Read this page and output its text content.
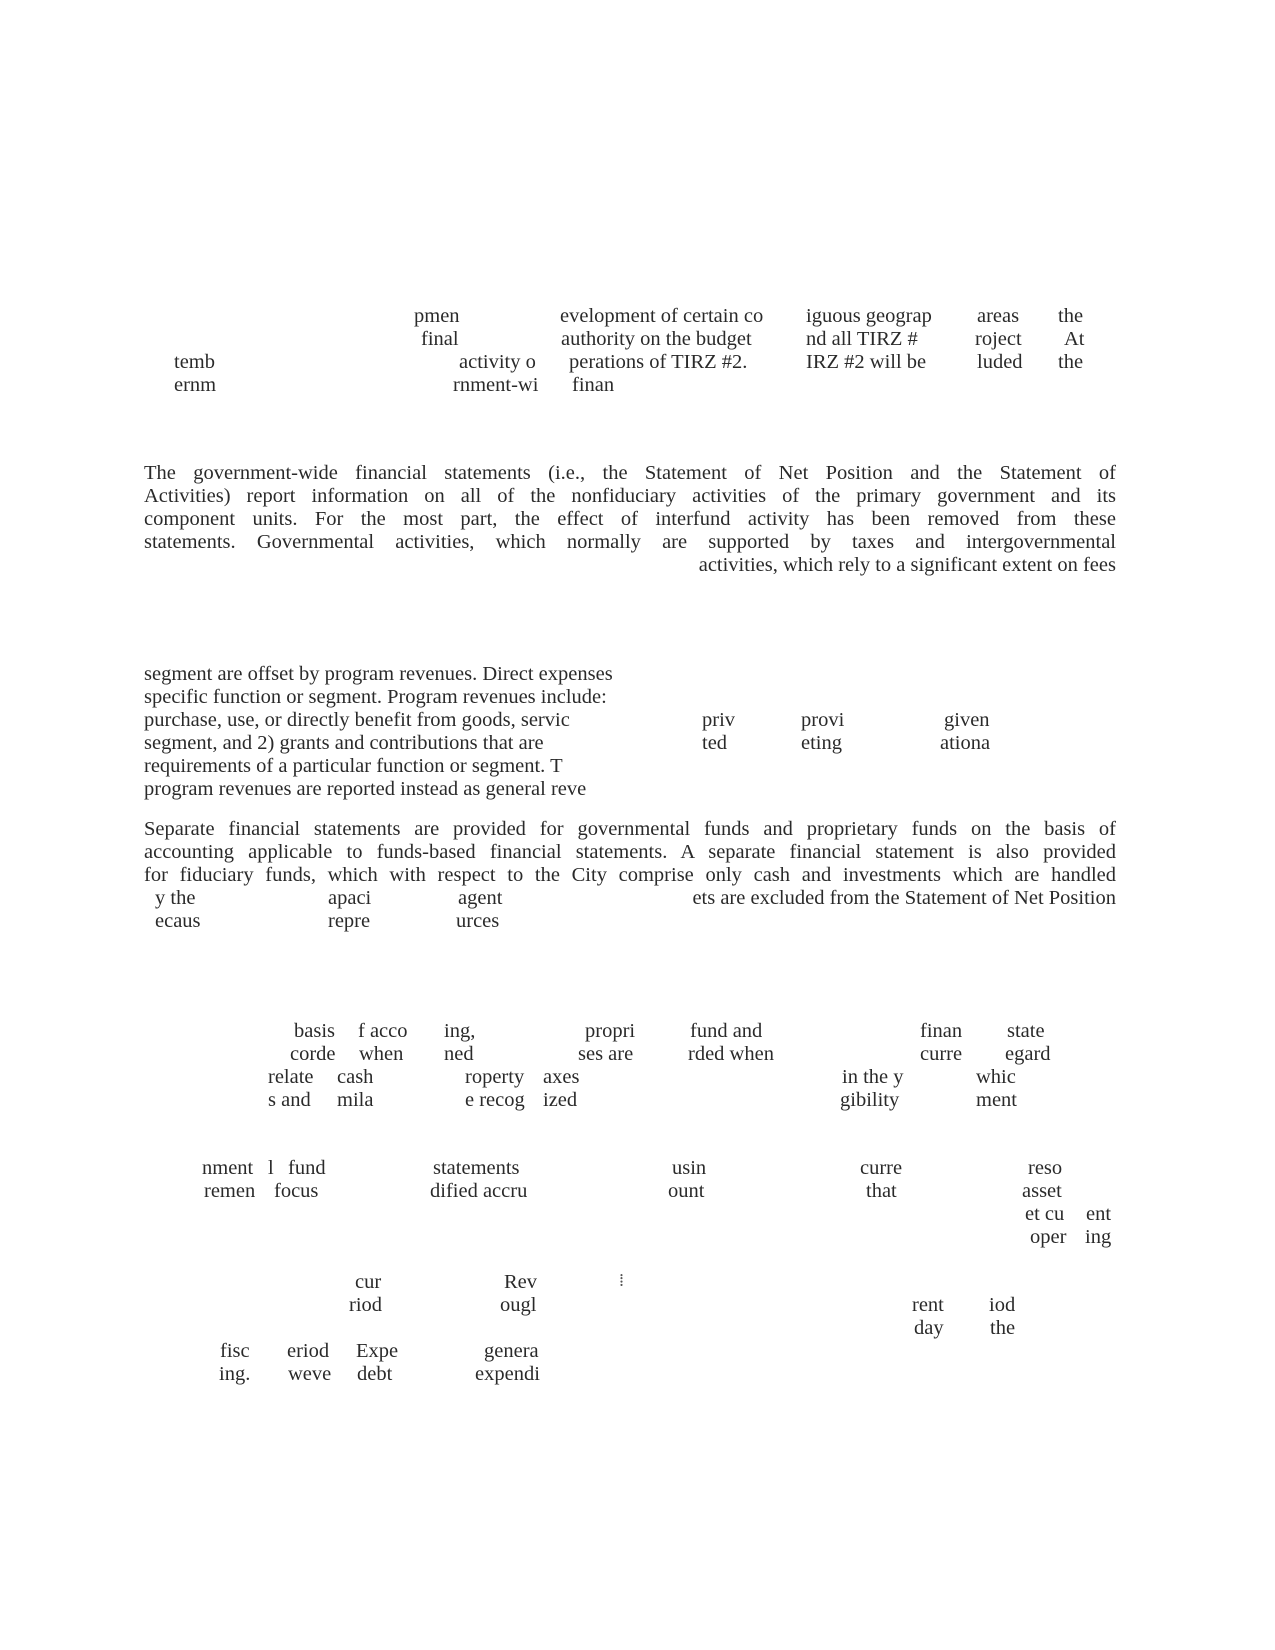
pmen
final
evelopment of certain co
authority on the budget
iguous geograp
nd all TIRZ #
areas
roject
the
At
temb	activity o perations of TIRZ #2.	IRZ #2 will be luded the
ernm	rnment-wi finan
The government-wide financial statements (i.e., the Statement of Net Position and the Statement of
Activities) report information on all of the nonfiduciary activities of the primary government and its
component units. For the most part, the effect of interfund activity has been removed from these
statements. Governmental activities, which normally are supported by taxes and intergovernmental
activities, which rely to a significant extent on fees
segment are offset by program revenues. Direct expenses
specific function or segment. Program revenues include:
purchase, use, or directly benefit from goods, servic
segment, and 2) grants and contributions that are
requirements of a particular function or segment. T
program revenues are reported instead as general reve
priv
ted
provi
eting
given
ationa
Separate financial statements are provided for governmental funds and proprietary funds on the basis of
accounting applicable to funds-based financial statements. A separate financial statement is also provided
for fiduciary funds, which with respect to the City comprise only cash and investments which are handled
y the	apaci	agent	ets are excluded from the Statement of Net Position
ecaus	repre	urces
basis f acco ing,	propri	fund and	finan state
corde when ned	ses are	rded when	curre egard
relate cash	roperty axes	in the y	whic
s and mila	e recog ized	gibility	ment
nment l fund	statements	usin	curre	reso
remen focus	dified accru	ount	that	asset
et cu ent
oper ing
⁞
cur	Rev
riod	ougl	rent iod
day the
fisc eriod Expe	genera
ing. weve debt	expendi
